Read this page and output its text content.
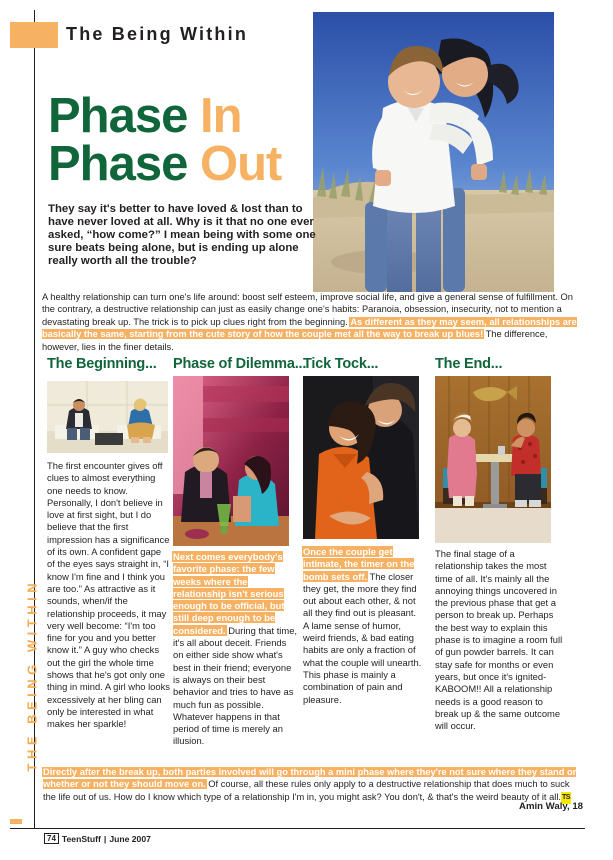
THE BEING WITHIN
The Being Within
Phase In
Phase Out
They say it's better to have loved & lost than to have never loved at all. Why is it that no one ever asked, “how come?” I mean being with some one sure beats being alone, but is ending up alone really worth all the trouble?
A healthy relationship can turn one's life around: boost self esteem, improve social life, and give a general sense of fulfillment. On the contrary, a destructive relationship can just as easily change one's habits: Paranoia, obsession, insecurity, not to mention a devastating break up. The trick is to pick up clues right from the beginning. As different as they may seem, all relationships are basically the same, starting from the cute story of how the couple met all the way to break up blues! The difference, however, lies in the finer details.
The Beginning... Phase of Dilemma...
Tick Tock...	The End...

The first encounter gives off clues to almost everything one needs to know. Personally, I don't believe in love at first sight, but I do believe that the first impression has a significance of its own. A confident gape of the eyes says straight in, “I know I'm fine and I think you are too.” As attractive as it sounds, when/if the relationship proceeds, it may very well become: “I'm too fine for you and you better know it.” A guy who checks out the girl the whole time shows that he's got only one thing in mind. A girl who looks excessively at her bling can only be interested in what makes her sparkle!

Next comes everybody's favorite phase: the few weeks where the relationship isn't serious enough to be official, but still deep enough to be considered. During that time, it's all about deceit. Friends on either side show what's best in their friend; everyone is always on their best behavior and tries to have as much fun as possible. Whatever happens in that period of time is merely an illusion.

Once the couple get intimate, the timer on the bomb sets off. The closer they get, the more they find out about each other, & not all they find out is pleasant. A lame sense of humor, weird friends, & bad eating habits are only a fraction of what the couple will unearth. This phase is mainly a combination of pain and pleasure.

The final stage of a relationship takes the most time of all. It's mainly all the annoying things uncovered in the previous phase that get a person to break up. Perhaps the best way to explain this phase is to imagine a room full of gun powder barrels. It can stay safe for months or even years, but once it's ignited-KABOOM!! All a relationship needs is a good reason to break up & the same outcome will occur.

Directly after the break up, both parties involved will go through a mini phase where they're not sure where they stand or whether or not they should move on. Of course, all these rules only apply to a destructive relationship that does much to suck the life out of us. How do I know which type of a relationship I'm in, you might ask? You don't, & that's the weird beauty of it all.TS
Amin Waly, 18
74 TeenStuff | June 2007
